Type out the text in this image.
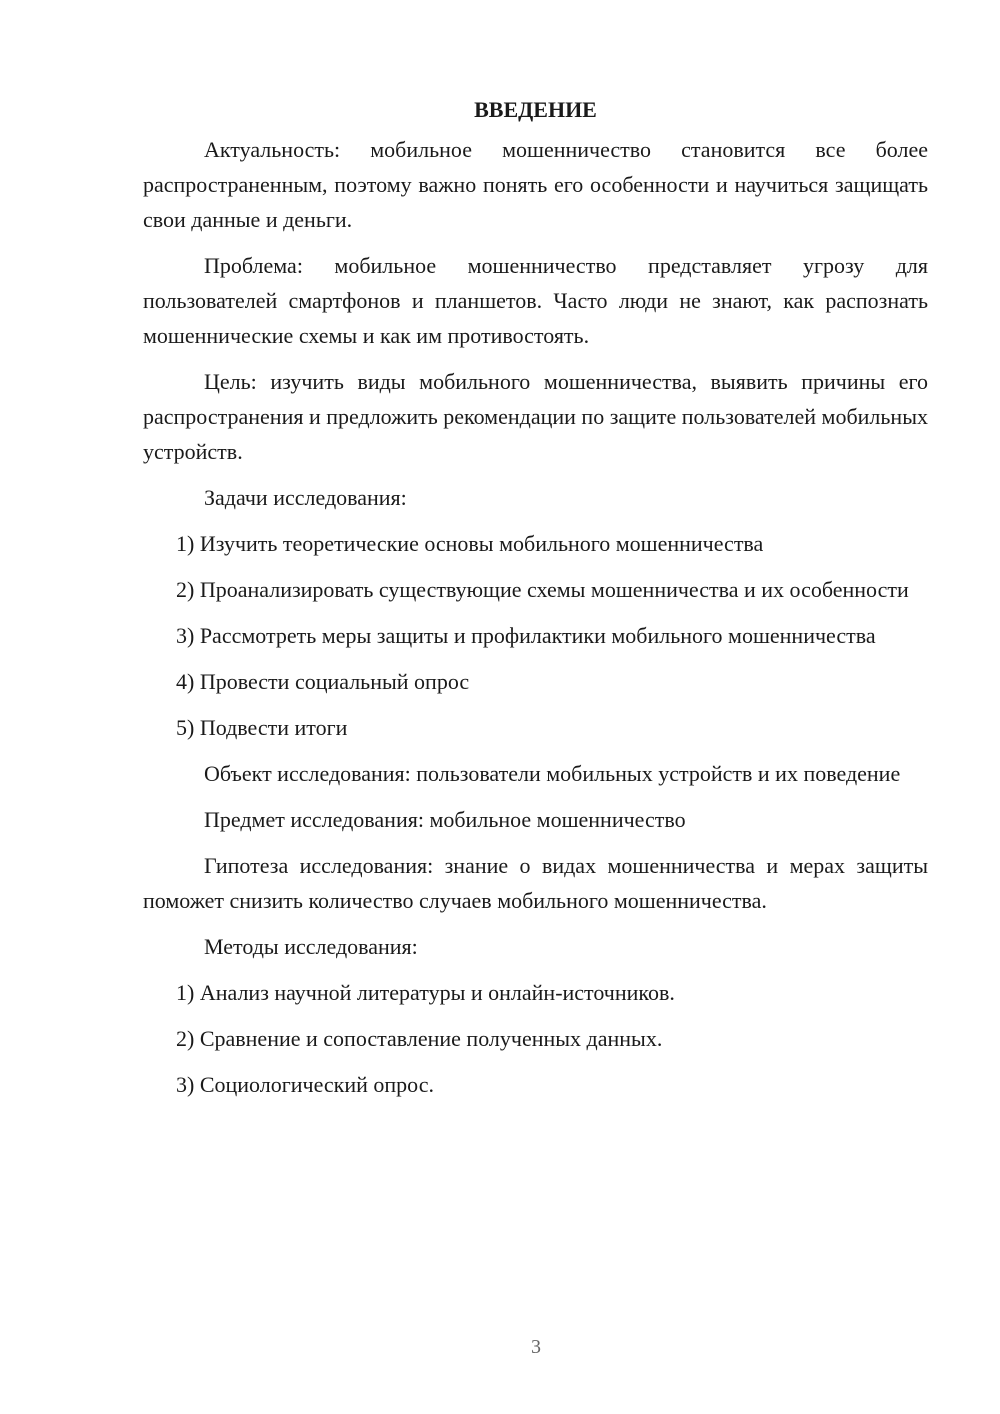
ВВЕДЕНИЕ

Актуальность: мобильное мошенничество становится все более распространенным, поэтому важно понять его особенности и научиться защищать свои данные и деньги.

Проблема: мобильное мошенничество представляет угрозу для пользователей смартфонов и планшетов. Часто люди не знают, как распознать мошеннические схемы и как им противостоять.

Цель: изучить виды мобильного мошенничества, выявить причины его распространения и предложить рекомендации по защите пользователей мобильных устройств.

Задачи исследования:

1) Изучить теоретические основы мобильного мошенничества

2) Проанализировать существующие схемы мошенничества и их особенности

3) Рассмотреть меры защиты и профилактики мобильного мошенничества

4) Провести социальный опрос

5) Подвести итоги

Объект исследования: пользователи мобильных устройств и их поведение

Предмет исследования: мобильное мошенничество

Гипотеза исследования: знание о видах мошенничества и мерах защиты поможет снизить количество случаев мобильного мошенничества.

Методы исследования:

1) Анализ научной литературы и онлайн-источников.

2) Сравнение и сопоставление полученных данных.

3) Социологический опрос.

3
